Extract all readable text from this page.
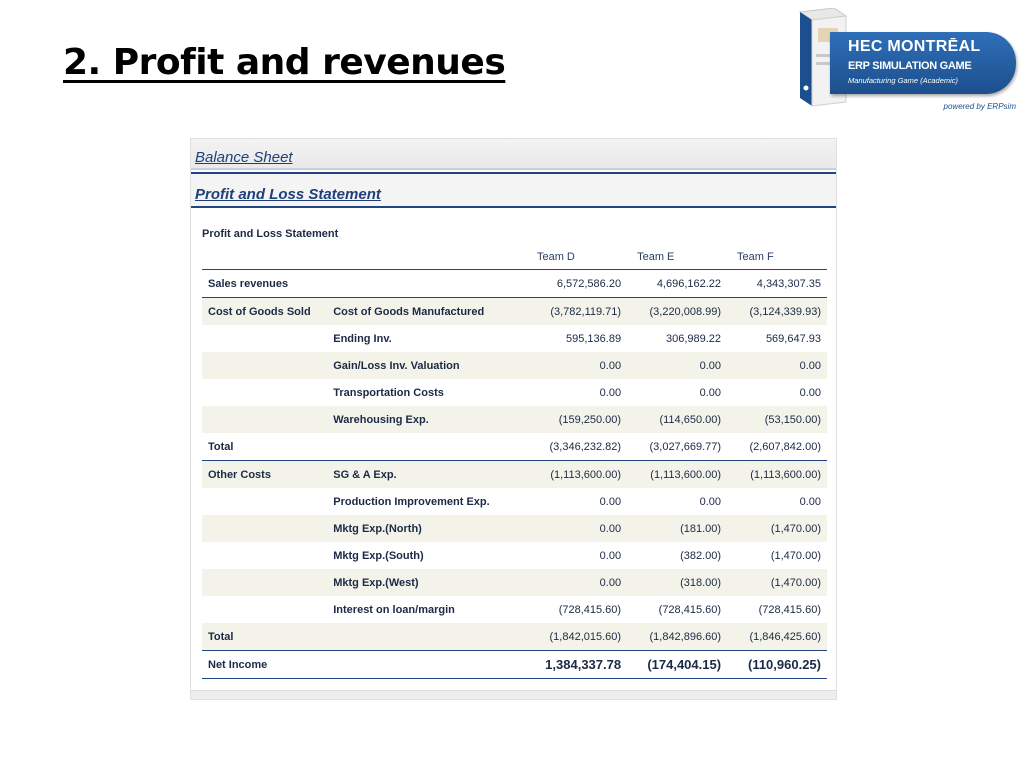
2. Profit and revenues	HEC MONTRĒAL
ERP SIMULATION GAME
Manufacturing Game (Academic)
powered by ERPsim
Balance Sheet
Profit and Loss Statement
Profit and Loss Statement
		Team D	Team E	Team F
Sales revenues		6,572,586.20	4,696,162.22	4,343,307.35
Cost of Goods Sold	Cost of Goods Manufactured	(3,782,119.71)	(3,220,008.99)	(3,124,339.93)
	Ending Inv.	595,136.89	306,989.22	569,647.93
	Gain/Loss Inv. Valuation	0.00	0.00	0.00
	Transportation Costs	0.00	0.00	0.00
	Warehousing Exp.	(159,250.00)	(114,650.00)	(53,150.00)
Total		(3,346,232.82)	(3,027,669.77)	(2,607,842.00)
Other Costs	SG & A Exp.	(1,113,600.00)	(1,113,600.00)	(1,113,600.00)
	Production Improvement Exp.	0.00	0.00	0.00
	Mktg Exp.(North)	0.00	(181.00)	(1,470.00)
	Mktg Exp.(South)	0.00	(382.00)	(1,470.00)
	Mktg Exp.(West)	0.00	(318.00)	(1,470.00)
	Interest on loan/margin	(728,415.60)	(728,415.60)	(728,415.60)
Total		(1,842,015.60)	(1,842,896.60)	(1,846,425.60)
Net Income		1,384,337.78	(174,404.15)	(110,960.25)
